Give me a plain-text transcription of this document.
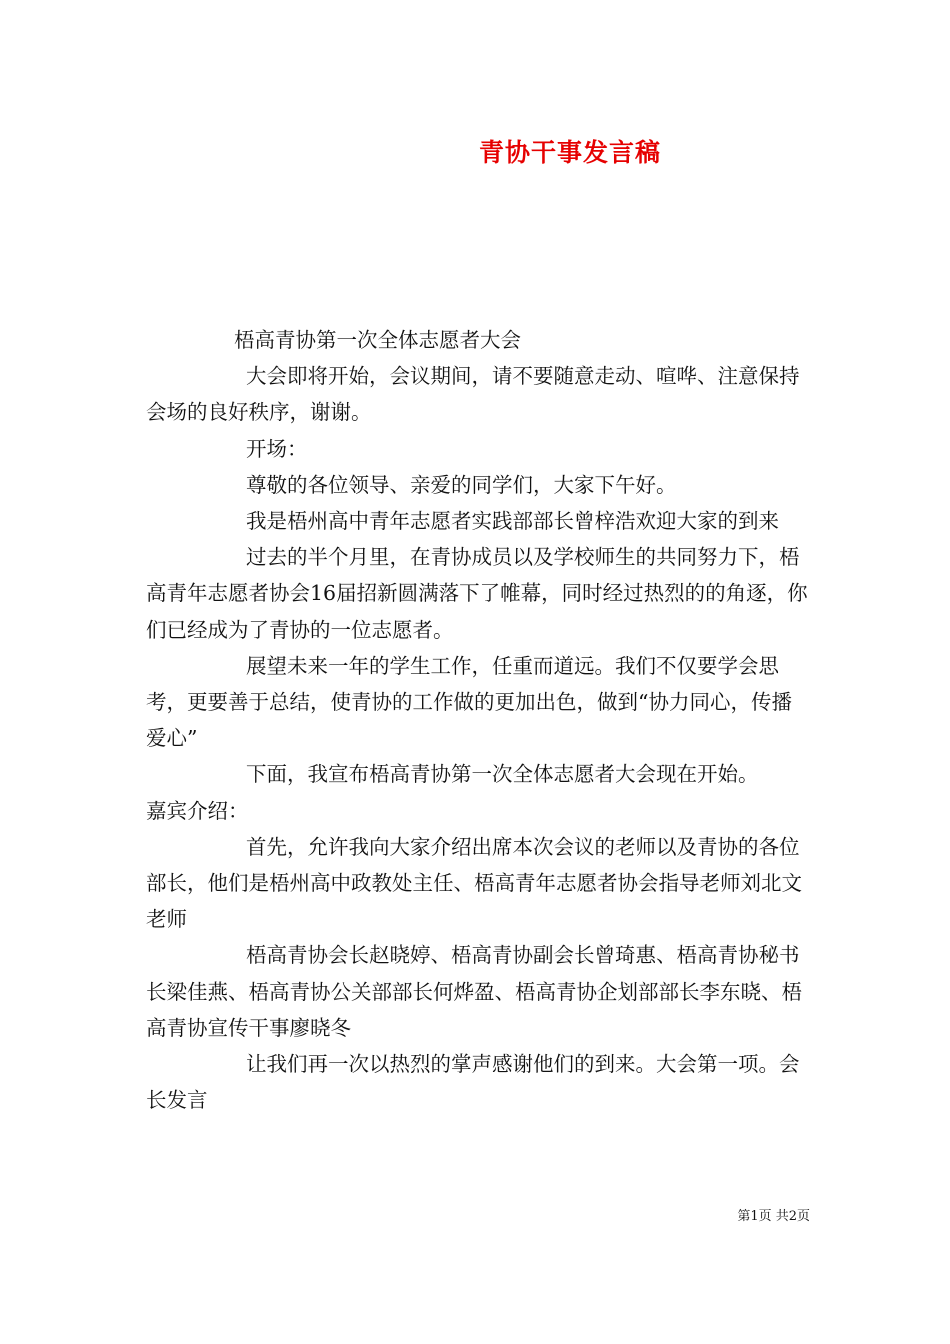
青协干事发言稿

梧高青协第一次全体志愿者大会

大会即将开始，会议期间，请不要随意走动、喧哗、注意保持会场的良好秩序，谢谢。

开场：

尊敬的各位领导、亲爱的同学们，大家下午好。

我是梧州高中青年志愿者实践部部长曾梓浩欢迎大家的到来

过去的半个月里，在青协成员以及学校师生的共同努力下，梧高青年志愿者协会16届招新圆满落下了帷幕，同时经过热烈的的角逐，你们已经成为了青协的一位志愿者。

展望未来一年的学生工作，任重而道远。我们不仅要学会思考，更要善于总结，使青协的工作做的更加出色，做到“协力同心，传播爱心”

下面，我宣布梧高青协第一次全体志愿者大会现在开始。

嘉宾介绍：

首先，允许我向大家介绍出席本次会议的老师以及青协的各位部长，他们是梧州高中政教处主任、梧高青年志愿者协会指导老师刘北文老师

梧高青协会长赵晓婷、梧高青协副会长曾琦惠、梧高青协秘书长梁佳燕、梧高青协公关部部长何烨盈、梧高青协企划部部长李东晓、梧高青协宣传干事廖晓冬

让我们再一次以热烈的掌声感谢他们的到来。大会第一项。会长发言

第1页 共2页
